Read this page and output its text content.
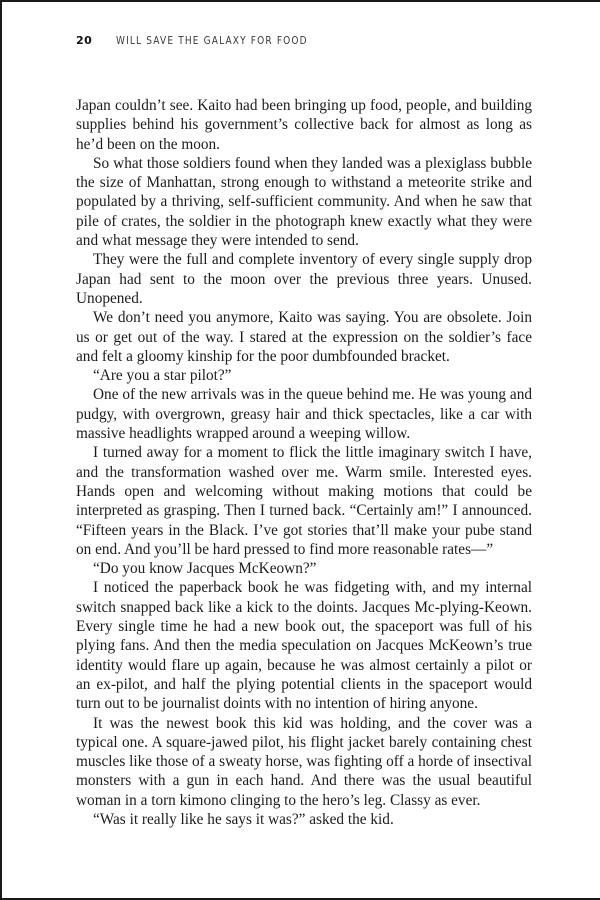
20 WILL SAVE THE GALAXY FOR FOOD

Japan couldn’t see. Kaito had been bringing up food, people, and building supplies behind his government’s collective back for almost as long as he’d been on the moon.

So what those soldiers found when they landed was a plexiglass bubble the size of Manhattan, strong enough to withstand a meteorite strike and populated by a thriving, self-sufficient community. And when he saw that pile of crates, the soldier in the photograph knew exactly what they were and what message they were intended to send.

They were the full and complete inventory of every single supply drop Japan had sent to the moon over the previous three years. Unused. Unopened.

We don’t need you anymore, Kaito was saying. You are obsolete. Join us or get out of the way. I stared at the expression on the soldier’s face and felt a gloomy kinship for the poor dumbfounded bracket.

“Are you a star pilot?”

One of the new arrivals was in the queue behind me. He was young and pudgy, with overgrown, greasy hair and thick spectacles, like a car with massive headlights wrapped around a weeping willow.

I turned away for a moment to flick the little imaginary switch I have, and the transformation washed over me. Warm smile. Interested eyes. Hands open and welcoming without making motions that could be interpreted as grasping. Then I turned back. “Certainly am!” I announced. “Fifteen years in the Black. I’ve got stories that’ll make your pube stand on end. And you’ll be hard pressed to find more reasonable rates—”

“Do you know Jacques McKeown?”

I noticed the paperback book he was fidgeting with, and my internal switch snapped back like a kick to the doints. Jacques Mc-plying-Keown. Every single time he had a new book out, the spaceport was full of his plying fans. And then the media speculation on Jacques McKeown’s true identity would flare up again, because he was almost certainly a pilot or an ex-pilot, and half the plying potential clients in the spaceport would turn out to be journalist doints with no intention of hiring anyone.

It was the newest book this kid was holding, and the cover was a typical one. A square-jawed pilot, his flight jacket barely containing chest muscles like those of a sweaty horse, was fighting off a horde of insectival monsters with a gun in each hand. And there was the usual beautiful woman in a torn kimono clinging to the hero’s leg. Classy as ever.

“Was it really like he says it was?” asked the kid.
